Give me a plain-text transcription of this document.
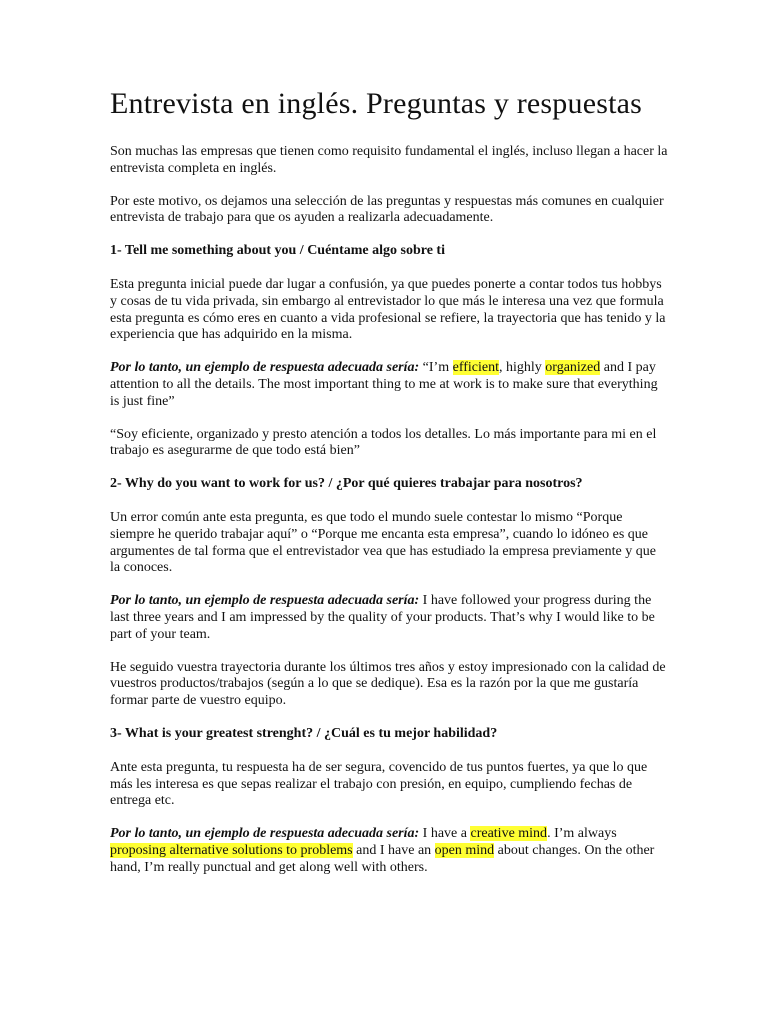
Entrevista en inglés. Preguntas y respuestas

Son muchas las empresas que tienen como requisito fundamental el inglés, incluso llegan a hacer la entrevista completa en inglés.

Por este motivo, os dejamos una selección de las preguntas y respuestas más comunes en cualquier entrevista de trabajo para que os ayuden a realizarla adecuadamente.

1- Tell me something about you / Cuéntame algo sobre ti

Esta pregunta inicial puede dar lugar a confusión, ya que puedes ponerte a contar todos tus hobbys y cosas de tu vida privada, sin embargo al entrevistador lo que más le interesa una vez que formula esta pregunta es cómo eres en cuanto a vida profesional se refiere, la trayectoria que has tenido y la experiencia que has adquirido en la misma.

Por lo tanto, un ejemplo de respuesta adecuada sería: “I’m efficient, highly organized and I pay attention to all the details. The most important thing to me at work is to make sure that everything is just fine”

“Soy eficiente, organizado y presto atención a todos los detalles. Lo más importante para mi en el trabajo es asegurarme de que todo está bien”

2- Why do you want to work for us? / ¿Por qué quieres trabajar para nosotros?

Un error común ante esta pregunta, es que todo el mundo suele contestar lo mismo “Porque siempre he querido trabajar aquí” o “Porque me encanta esta empresa”, cuando lo idóneo es que argumentes de tal forma que el entrevistador vea que has estudiado la empresa previamente y que la conoces.

Por lo tanto, un ejemplo de respuesta adecuada sería: I have followed your progress during the last three years and I am impressed by the quality of your products. That’s why I would like to be part of your team.

He seguido vuestra trayectoria durante los últimos tres años y estoy impresionado con la calidad de vuestros productos/trabajos (según a lo que se dedique). Esa es la razón por la que me gustaría formar parte de vuestro equipo.

3- What is your greatest strenght? / ¿Cuál es tu mejor habilidad?

Ante esta pregunta, tu respuesta ha de ser segura, covencido de tus puntos fuertes, ya que lo que más les interesa es que sepas realizar el trabajo con presión, en equipo, cumpliendo fechas de entrega etc.

Por lo tanto, un ejemplo de respuesta adecuada sería: I have a creative mind. I’m always proposing alternative solutions to problems and I have an open mind about changes. On the other hand, I’m really punctual and get along well with others.
